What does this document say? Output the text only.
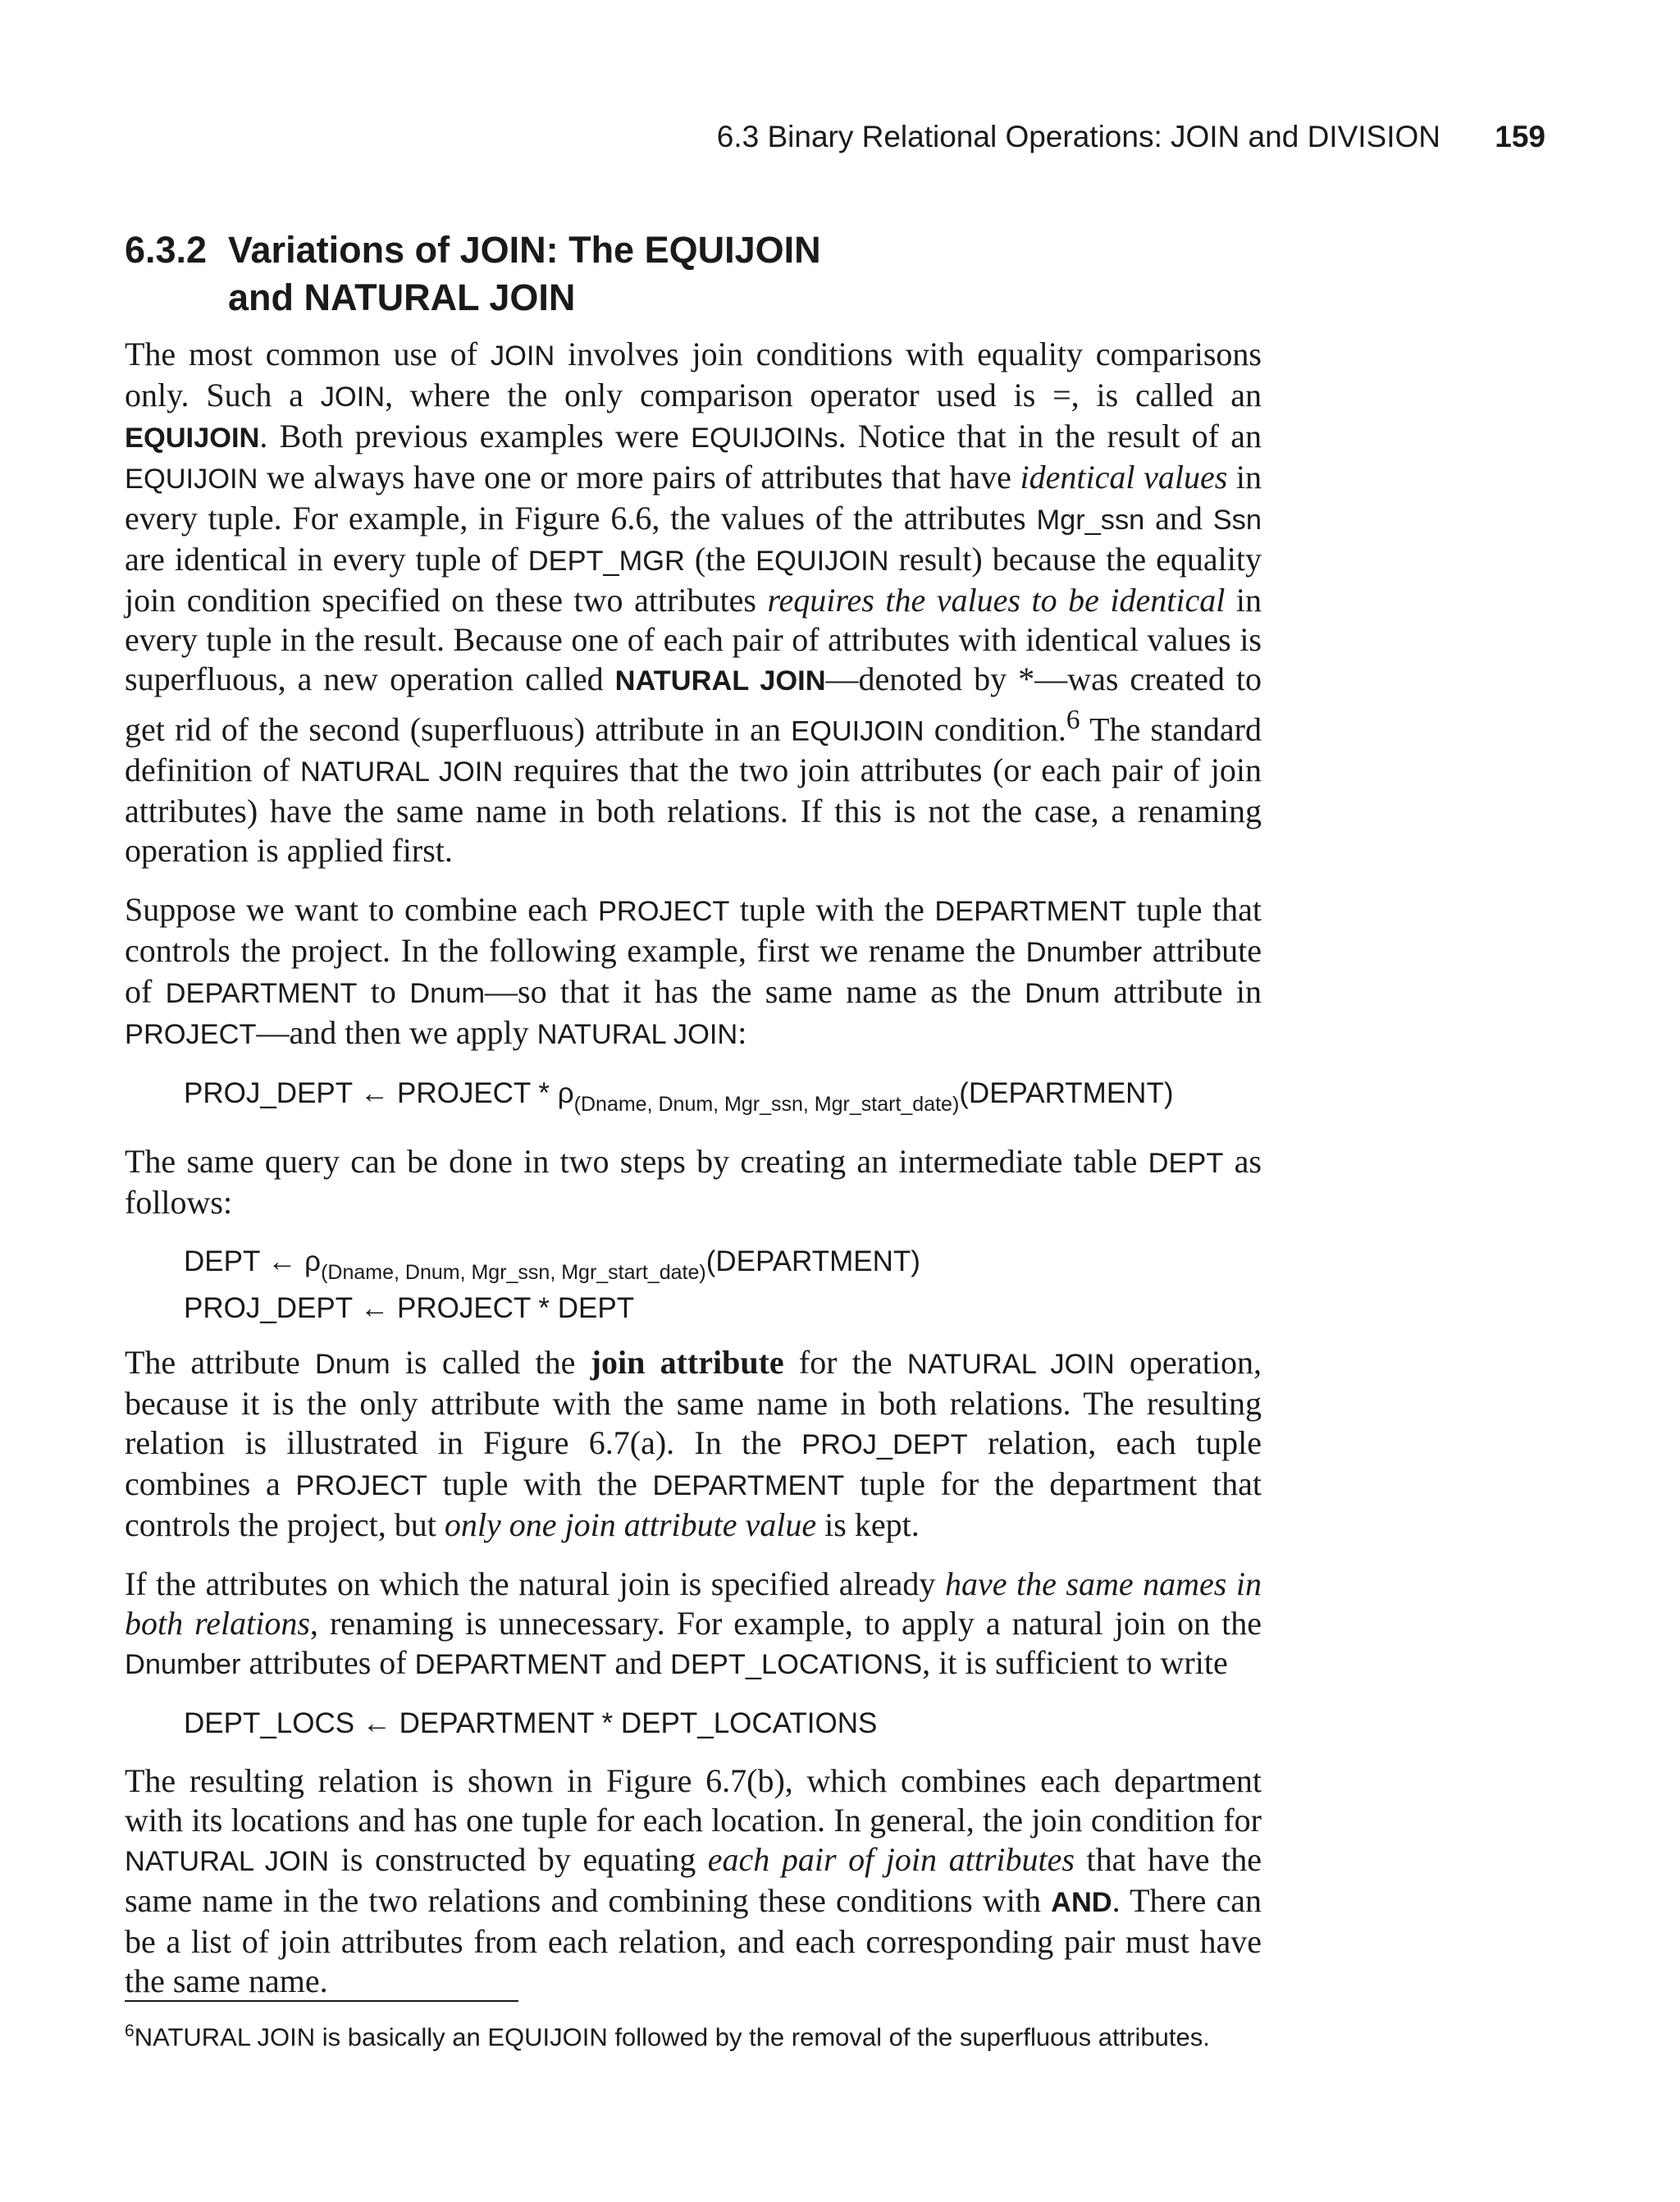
6.3 Binary Relational Operations: JOIN and DIVISION 159
6.3.2 Variations of JOIN: The EQUIJOIN
and NATURAL JOIN

The most common use of JOIN involves join conditions with equality comparisons only. Such a JOIN, where the only comparison operator used is =, is called an EQUIJOIN. Both previous examples were EQUIJOINs. Notice that in the result of an EQUIJOIN we always have one or more pairs of attributes that have identical values in every tuple. For example, in Figure 6.6, the values of the attributes Mgr_ssn and Ssn are identical in every tuple of DEPT_MGR (the EQUIJOIN result) because the equality join condition specified on these two attributes requires the values to be identical in every tuple in the result. Because one of each pair of attributes with identical values is superfluous, a new operation called NATURAL JOIN—denoted by *—was created to get rid of the second (superfluous) attribute in an EQUIJOIN condition.$^6$ The standard definition of NATURAL JOIN requires that the two join attributes (or each pair of join attributes) have the same name in both relations. If this is not the case, a renaming operation is applied first.

Suppose we want to combine each PROJECT tuple with the DEPARTMENT tuple that controls the project. In the following example, first we rename the Dnumber attribute of DEPARTMENT to Dnum—so that it has the same name as the Dnum attribute in PROJECT—and then we apply NATURAL JOIN:

PROJ_DEPT ← PROJECT * $\rho_{(Dname, Dnum, Mgr\_ssn, Mgr\_start\_date)}(DEPARTMENT)$

The same query can be done in two steps by creating an intermediate table DEPT as follows:

DEPT ← $\rho_{(Dname, Dnum, Mgr\_ssn, Mgr\_start\_date)}(DEPARTMENT)$
PROJ_DEPT ← PROJECT * DEPT

The attribute Dnum is called the join attribute for the NATURAL JOIN operation, because it is the only attribute with the same name in both relations. The resulting relation is illustrated in Figure 6.7(a). In the PROJ_DEPT relation, each tuple combines a PROJECT tuple with the DEPARTMENT tuple for the department that controls the project, but only one join attribute value is kept.

If the attributes on which the natural join is specified already have the same names in both relations, renaming is unnecessary. For example, to apply a natural join on the Dnumber attributes of DEPARTMENT and DEPT_LOCATIONS, it is sufficient to write

DEPT_LOCS ← DEPARTMENT * DEPT_LOCATIONS

The resulting relation is shown in Figure 6.7(b), which combines each department with its locations and has one tuple for each location. In general, the join condition for NATURAL JOIN is constructed by equating each pair of join attributes that have the same name in the two relations and combining these conditions with AND. There can be a list of join attributes from each relation, and each corresponding pair must have the same name.

$^6$NATURAL JOIN is basically an EQUIJOIN followed by the removal of the superfluous attributes.
